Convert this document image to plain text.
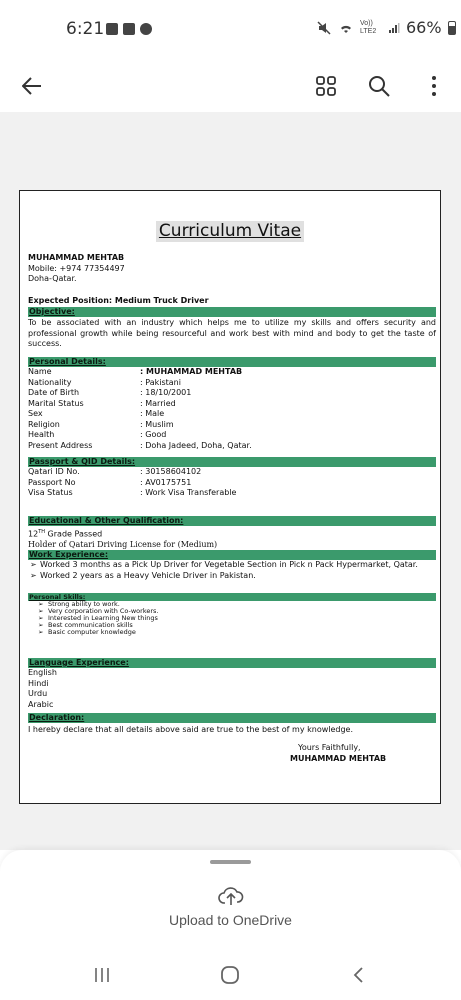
6:21	Vo)) LTE2	66%
Curriculum Vitae
MUHAMMAD MEHTAB
Mobile: +974 77354497
Doha-Qatar.
Expected Position: Medium Truck Driver
Objective:
To be associated with an industry which helps me to utilize my skills and offers security and professional growth while being resourceful and work best with mind and body to get the taste of success.
Personal Details:
Name	: MUHAMMAD MEHTAB
Nationality	: Pakistani
Date of Birth	: 18/10/2001
Marital Status	: Married
Sex	: Male
Religion	: Muslim
Health	: Good
Present Address	: Doha Jadeed, Doha, Qatar.
Passport & QID Details:
Qatari ID No.	: 30158604102
Passport No	: AV0175751
Visa Status	: Work Visa Transferable
Educational & Other Qualification:
12TH Grade Passed
Holder of Qatari Driving License for (Medium)
Work Experience:
➢ Worked 3 months as a Pick Up Driver for Vegetable Section in Pick n Pack Hypermarket, Qatar.
➢ Worked 2 years as a Heavy Vehicle Driver in Pakistan.
Personal Skills:
➢ Strong ability to work.
➢ Very corporation with Co-workers.
➢ Interested in Learning New things
➢ Best communication skills
➢ Basic computer knowledge
Language Experience:
English
Hindi
Urdu
Arabic
Declaration:
I hereby declare that all details above said are true to the best of my knowledge.
Yours Faithfully,
MUHAMMAD MEHTAB
Upload to OneDrive
